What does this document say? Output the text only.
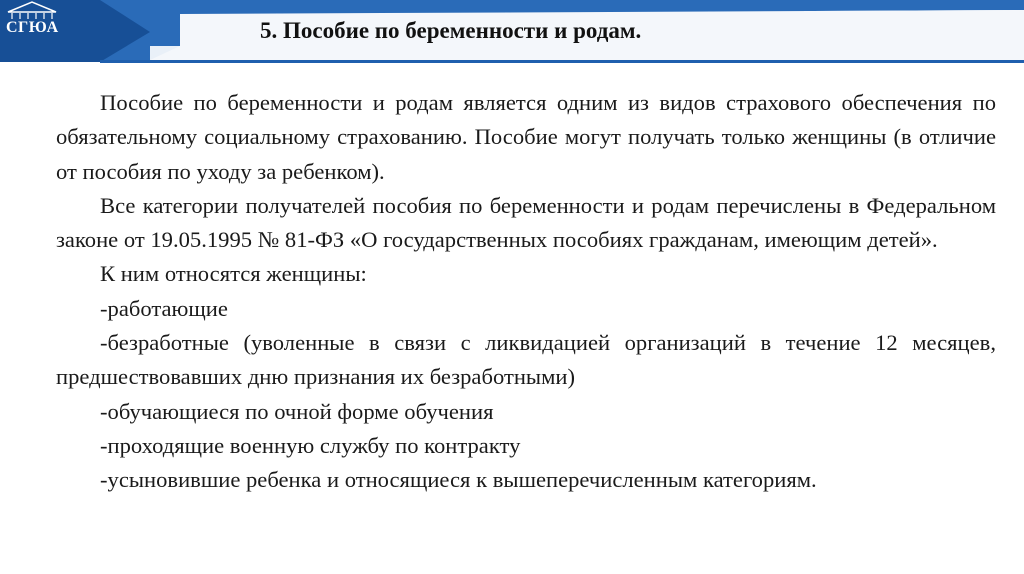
СГЮА	5. Пособие по беременности и родам.

Пособие по беременности и родам является одним из видов страхового обеспечения по обязательному социальному страхованию. Пособие могут получать только женщины (в отличие от пособия по уходу за ребенком).

Все категории получателей пособия по беременности и родам перечислены в Федеральном законе от 19.05.1995 № 81-ФЗ «О государственных пособиях гражданам, имеющим детей».

К ним относятся женщины:

-работающие

-безработные (уволенные в связи с ликвидацией организаций в течение 12 месяцев, предшествовавших дню признания их безработными)

-обучающиеся по очной форме обучения

-проходящие военную службу по контракту

-усыновившие ребенка и относящиеся к вышеперечисленным категориям.
